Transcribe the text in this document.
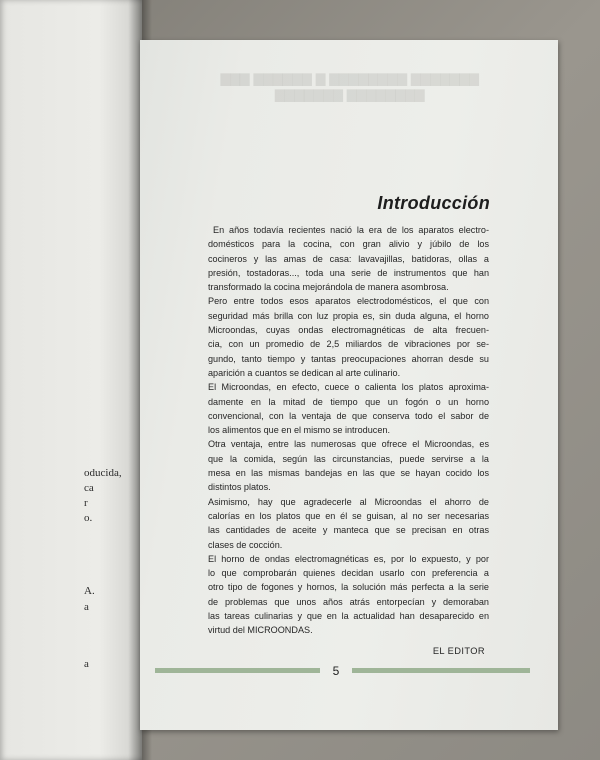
oducida,
ca
r
o.
A.
a
a
▇▇▇ ▇▇▇▇▇▇ ▇ ▇▇▇▇▇▇▇▇ ▇▇▇▇▇▇▇
▇▇▇▇▇▇▇ ▇▇▇▇▇▇▇▇
Introducción

En años todavía recientes nació la era de los aparatos electro-
domésticos para la cocina, con gran alivio y júbilo de los
cocineros y las amas de casa: lavavajillas, batidoras, ollas a
presión, tostadoras..., toda una serie de instrumentos que han
transformado la cocina mejorándola de manera asombrosa.

Pero entre todos esos aparatos electrodomésticos, el que con
seguridad más brilla con luz propia es, sin duda alguna, el horno
Microondas, cuyas ondas electromagnéticas de alta frecuen-
cia, con un promedio de 2,5 miliardos de vibraciones por se-
gundo, tanto tiempo y tantas preocupaciones ahorran desde su
aparición a cuantos se dedican al arte culinario.

El Microondas, en efecto, cuece o calienta los platos aproxima-
damente en la mitad de tiempo que un fogón o un horno
convencional, con la ventaja de que conserva todo el sabor de
los alimentos que en el mismo se introducen.

Otra ventaja, entre las numerosas que ofrece el Microondas, es
que la comida, según las circunstancias, puede servirse a la
mesa en las mismas bandejas en las que se hayan cocido los
distintos platos.

Asimismo, hay que agradecerle al Microondas el ahorro de
calorías en los platos que en él se guisan, al no ser necesarias
las cantidades de aceite y manteca que se precisan en otras
clases de cocción.

El horno de ondas electromagnéticas es, por lo expuesto, y por
lo que comprobarán quienes decidan usarlo con preferencia a
otro tipo de fogones y hornos, la solución más perfecta a la serie
de problemas que unos años atrás entorpecían y demoraban
las tareas culinarias y que en la actualidad han desaparecido en
virtud del MICROONDAS.

EL EDITOR
5
